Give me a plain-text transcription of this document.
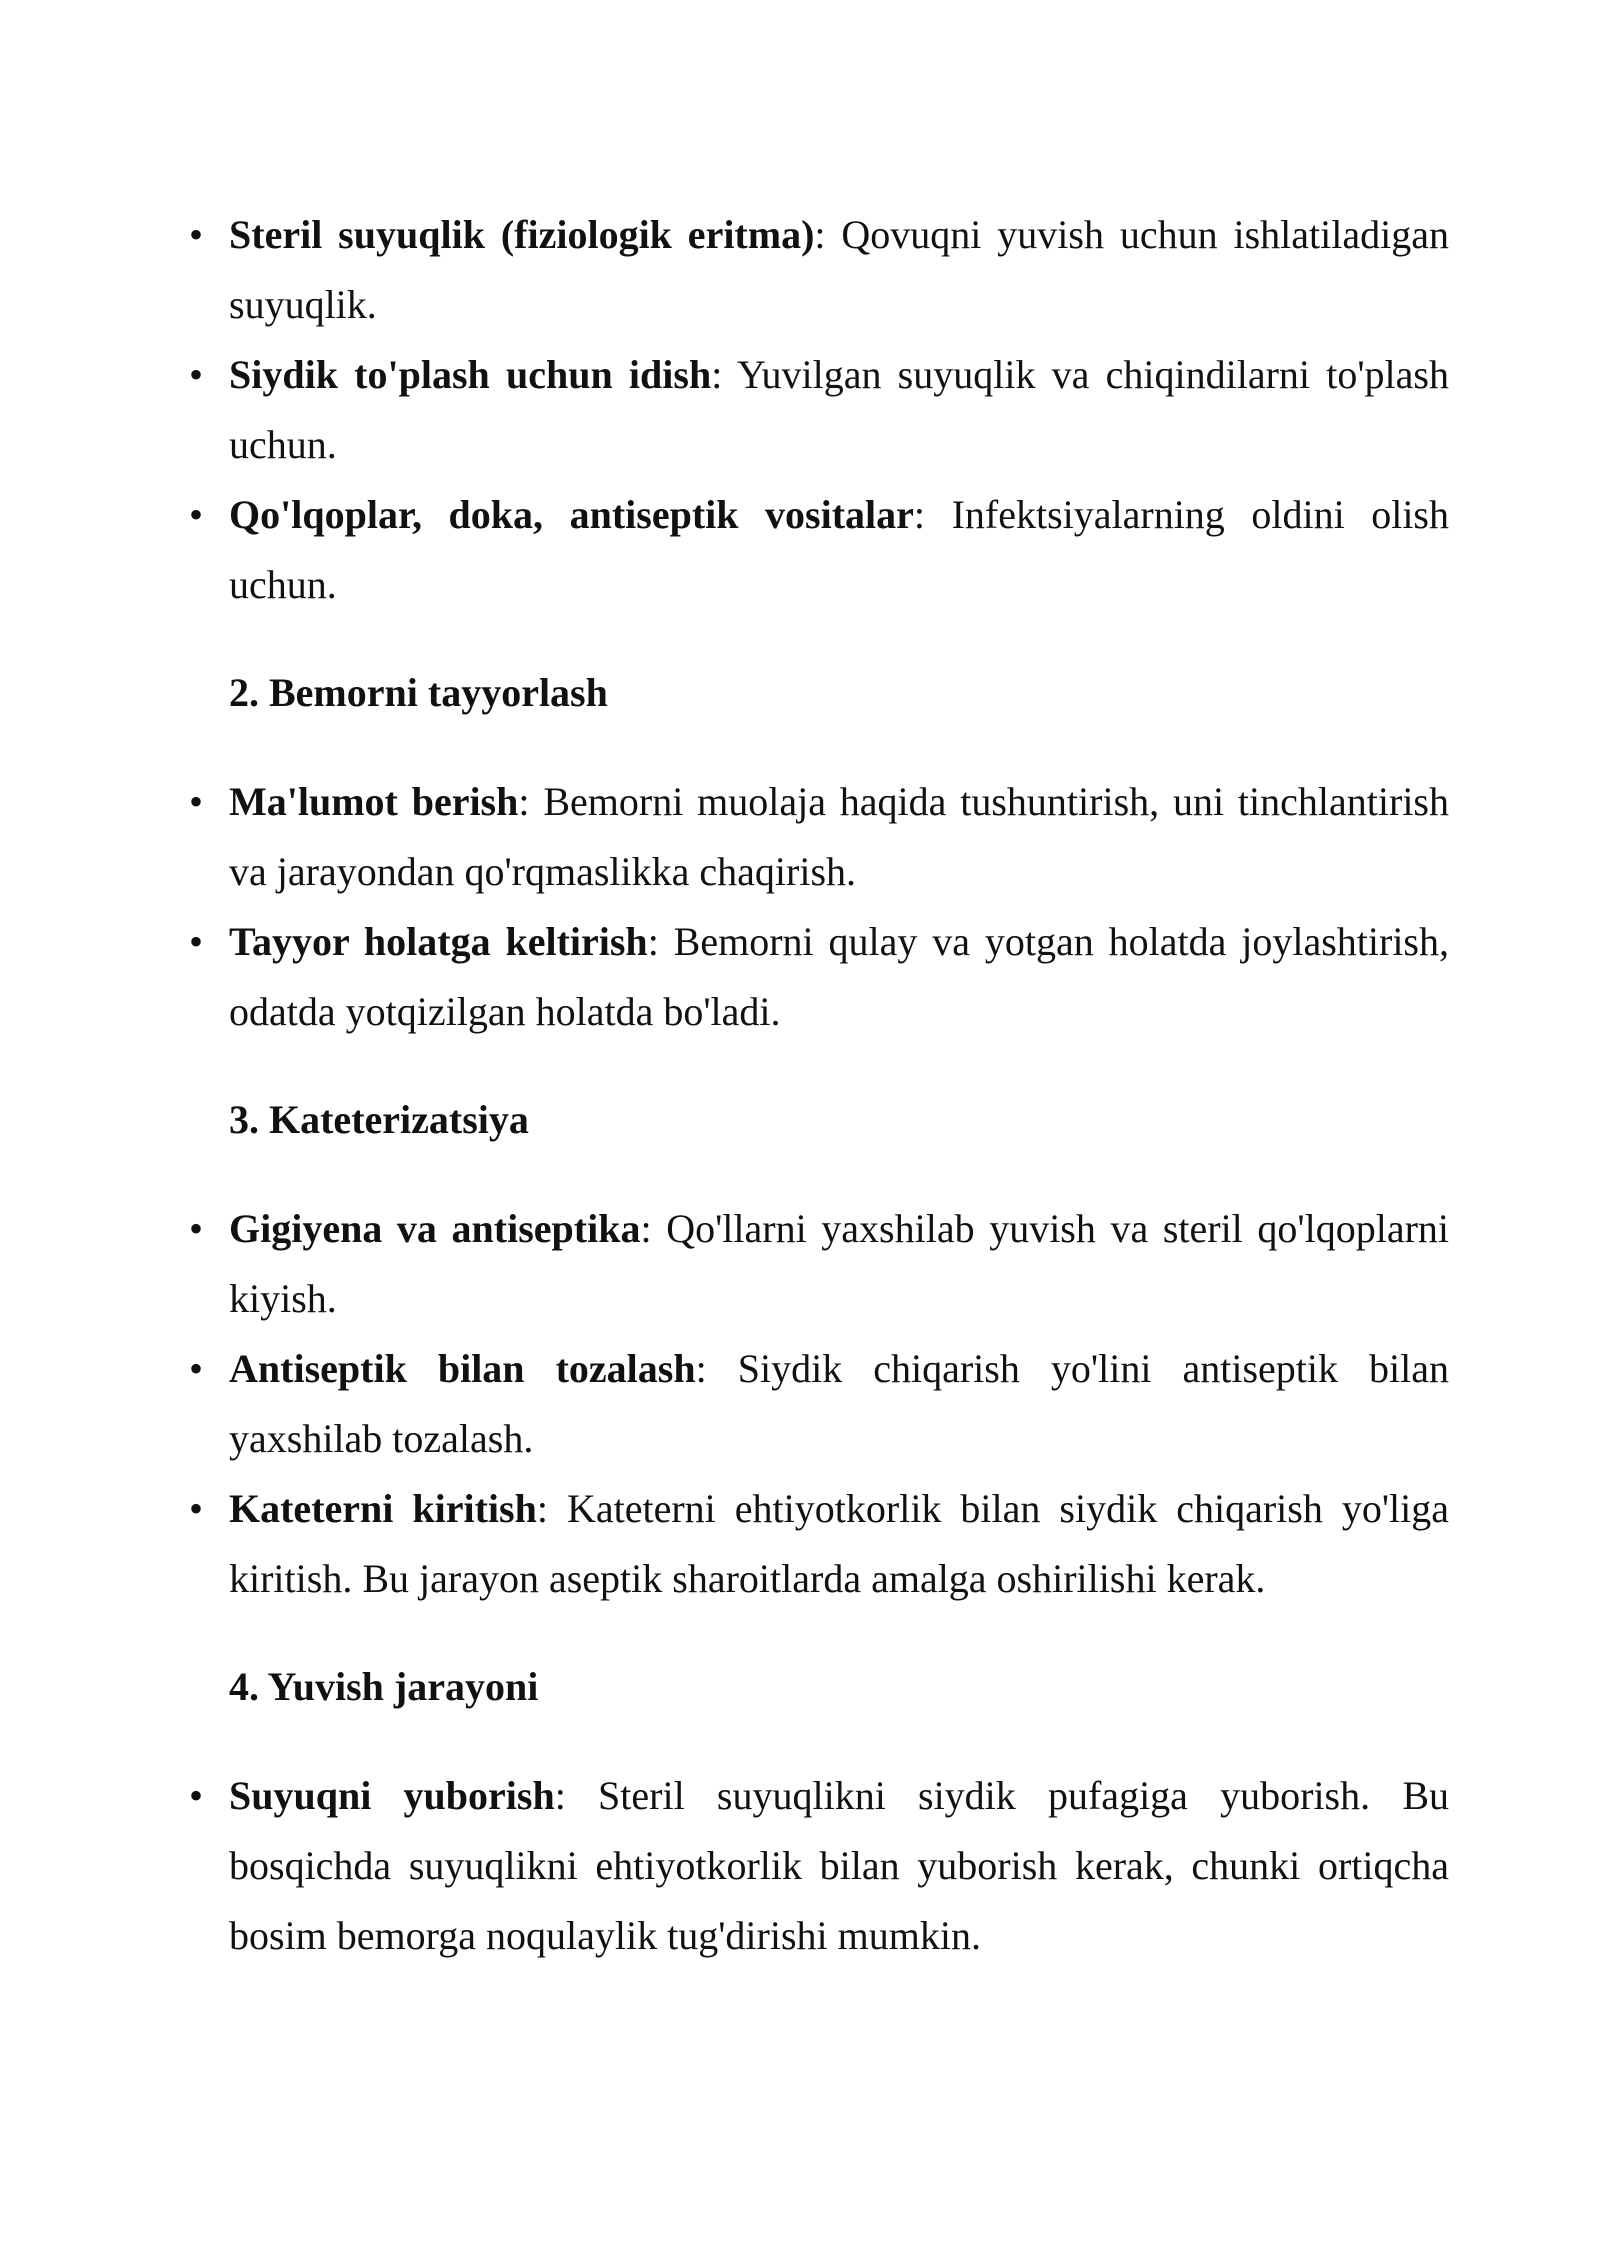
• Steril suyuqlik (fiziologik eritma): Qovuqni yuvish uchun ishlatiladigan suyuqlik.
• Siydik to'plash uchun idish: Yuvilgan suyuqlik va chiqindilarni to'plash uchun.
• Qo'lqoplar, doka, antiseptik vositalar: Infektsiyalarning oldini olish uchun.
2. Bemorni tayyorlash
• Ma'lumot berish: Bemorni muolaja haqida tushuntirish, uni tinchlantirish va jarayondan qo'rqmaslikka chaqirish.
• Tayyor holatga keltirish: Bemorni qulay va yotgan holatda joylashtirish, odatda yotqizilgan holatda bo'ladi.
3. Kateterizatsiya
• Gigiyena va antiseptika: Qo'llarni yaxshilab yuvish va steril qo'lqoplarni kiyish.
• Antiseptik bilan tozalash: Siydik chiqarish yo'lini antiseptik bilan yaxshilab tozalash.
• Kateterni kiritish: Kateterni ehtiyotkorlik bilan siydik chiqarish yo'liga kiritish. Bu jarayon aseptik sharoitlarda amalga oshirilishi kerak.
4. Yuvish jarayoni
• Suyuqni yuborish: Steril suyuqlikni siydik pufagiga yuborish. Bu bosqichda suyuqlikni ehtiyotkorlik bilan yuborish kerak, chunki ortiqcha bosim bemorga noqulaylik tug'dirishi mumkin.
